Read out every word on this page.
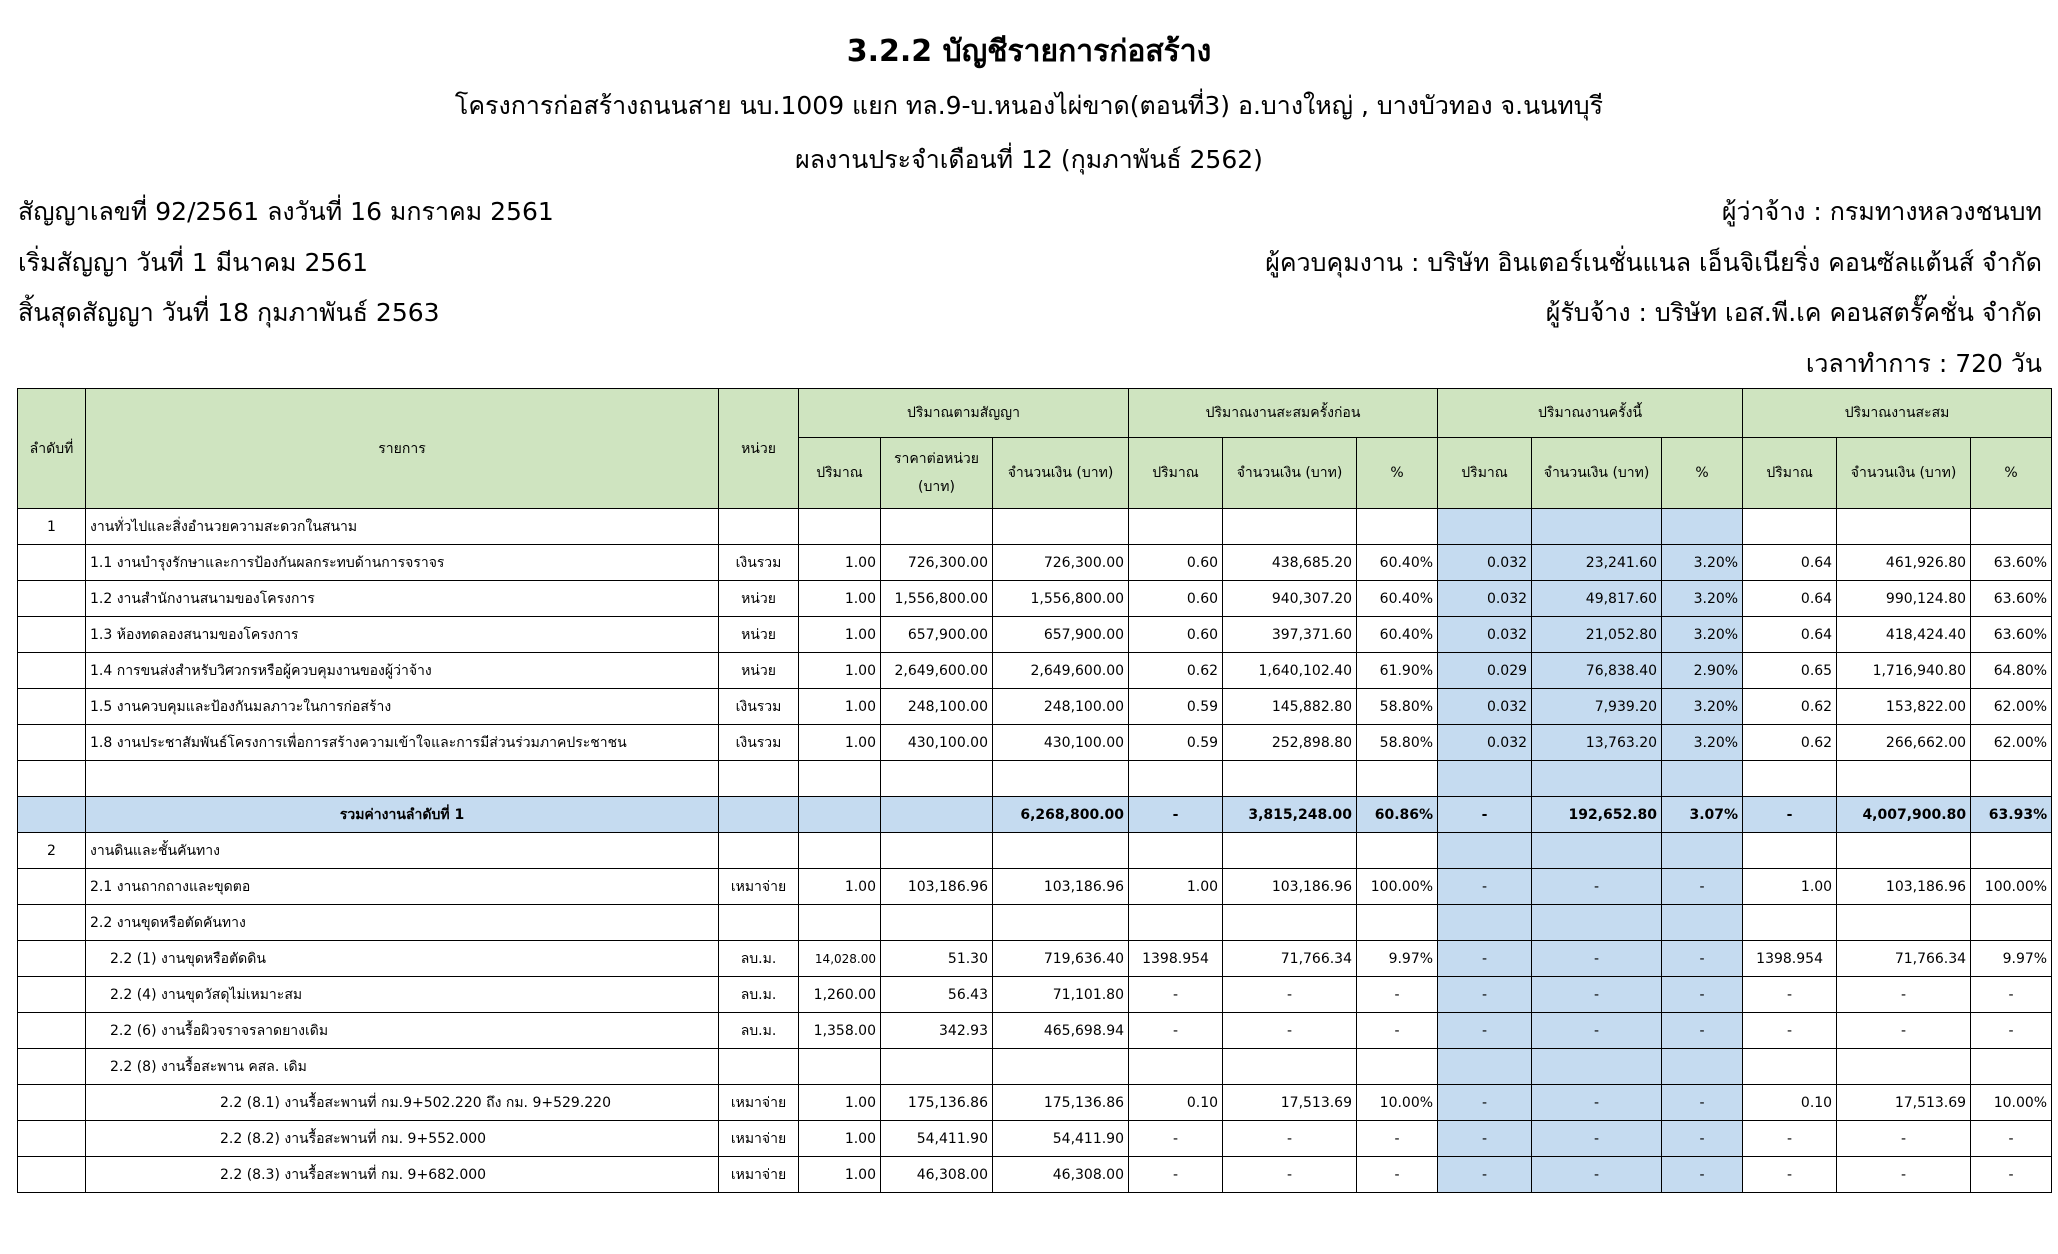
3.2.2 บัญชีรายการก่อสร้าง
โครงการก่อสร้างถนนสาย นบ.1009 แยก ทล.9-บ.หนองไผ่ขาด(ตอนที่3) อ.บางใหญ่ , บางบัวทอง จ.นนทบุรี
ผลงานประจำเดือนที่ 12 (กุมภาพันธ์ 2562)
สัญญาเลขที่ 92/2561 ลงวันที่ 16 มกราคม 2561
เริ่มสัญญา วันที่ 1 มีนาคม 2561
สิ้นสุดสัญญา วันที่ 18 กุมภาพันธ์ 2563
ผู้ว่าจ้าง : กรมทางหลวงชนบท
ผู้ควบคุมงาน : บริษัท อินเตอร์เนชั่นแนล เอ็นจิเนียริ่ง คอนซัลแต้นส์ จำกัด
ผู้รับจ้าง : บริษัท เอส.พี.เค คอนสตรั๊คชั่น จำกัด
เวลาทำการ : 720 วัน
ลำดับที่	รายการ	หน่วย	ปริมาณตามสัญญา			ปริมาณงานสะสมครั้งก่อน			ปริมาณงานครั้งนี้			ปริมาณงานสะสม		
			ปริมาณ	ราคาต่อหน่วย (บาท)	จำนวนเงิน (บาท)	ปริมาณ	จำนวนเงิน (บาท)	%	ปริมาณ	จำนวนเงิน (บาท)	%	ปริมาณ	จำนวนเงิน (บาท)	%
1	งานทั่วไปและสิ่งอำนวยความสะดวกในสนาม													
	1.1 งานบำรุงรักษาและการป้องกันผลกระทบด้านการจราจร	เงินรวม	1.00	726,300.00	726,300.00	0.60	438,685.20	60.40%	0.032	23,241.60	3.20%	0.64	461,926.80	63.60%
	1.2 งานสำนักงานสนามของโครงการ	หน่วย	1.00	1,556,800.00	1,556,800.00	0.60	940,307.20	60.40%	0.032	49,817.60	3.20%	0.64	990,124.80	63.60%
	1.3 ห้องทดลองสนามของโครงการ	หน่วย	1.00	657,900.00	657,900.00	0.60	397,371.60	60.40%	0.032	21,052.80	3.20%	0.64	418,424.40	63.60%
	1.4 การขนส่งสำหรับวิศวกรหรือผู้ควบคุมงานของผู้ว่าจ้าง	หน่วย	1.00	2,649,600.00	2,649,600.00	0.62	1,640,102.40	61.90%	0.029	76,838.40	2.90%	0.65	1,716,940.80	64.80%
	1.5 งานควบคุมและป้องกันมลภาวะในการก่อสร้าง	เงินรวม	1.00	248,100.00	248,100.00	0.59	145,882.80	58.80%	0.032	7,939.20	3.20%	0.62	153,822.00	62.00%
	1.8 งานประชาสัมพันธ์โครงการเพื่อการสร้างความเข้าใจและการมีส่วนร่วมภาคประชาชน	เงินรวม	1.00	430,100.00	430,100.00	0.59	252,898.80	58.80%	0.032	13,763.20	3.20%	0.62	266,662.00	62.00%

	รวมค่างานลำดับที่ 1				6,268,800.00	-	3,815,248.00	60.86%	-	192,652.80	3.07%	-	4,007,900.80	63.93%
2	งานดินและชั้นคันทาง													
	2.1 งานถากถางและขุดตอ	เหมาจ่าย	1.00	103,186.96	103,186.96	1.00	103,186.96	100.00%	-	-	-	1.00	103,186.96	100.00%
	2.2 งานขุดหรือตัดคันทาง													
	2.2 (1) งานขุดหรือตัดดิน	ลบ.ม.	14,028.00	51.30	719,636.40	1398.954	71,766.34	9.97%	-	-	-	1398.954	71,766.34	9.97%
	2.2 (4) งานขุดวัสดุไม่เหมาะสม	ลบ.ม.	1,260.00	56.43	71,101.80	-	-	-	-	-	-	-	-	-
	2.2 (6) งานรื้อผิวจราจรลาดยางเดิม	ลบ.ม.	1,358.00	342.93	465,698.94	-	-	-	-	-	-	-	-	-
	2.2 (8) งานรื้อสะพาน คสล. เดิม													
	2.2 (8.1) งานรื้อสะพานที่ กม.9+502.220 ถึง กม. 9+529.220	เหมาจ่าย	1.00	175,136.86	175,136.86	0.10	17,513.69	10.00%	-	-	-	0.10	17,513.69	10.00%
	2.2 (8.2) งานรื้อสะพานที่ กม. 9+552.000	เหมาจ่าย	1.00	54,411.90	54,411.90	-	-	-	-	-	-	-	-	-
	2.2 (8.3) งานรื้อสะพานที่ กม. 9+682.000	เหมาจ่าย	1.00	46,308.00	46,308.00	-	-	-	-	-	-	-	-	-
